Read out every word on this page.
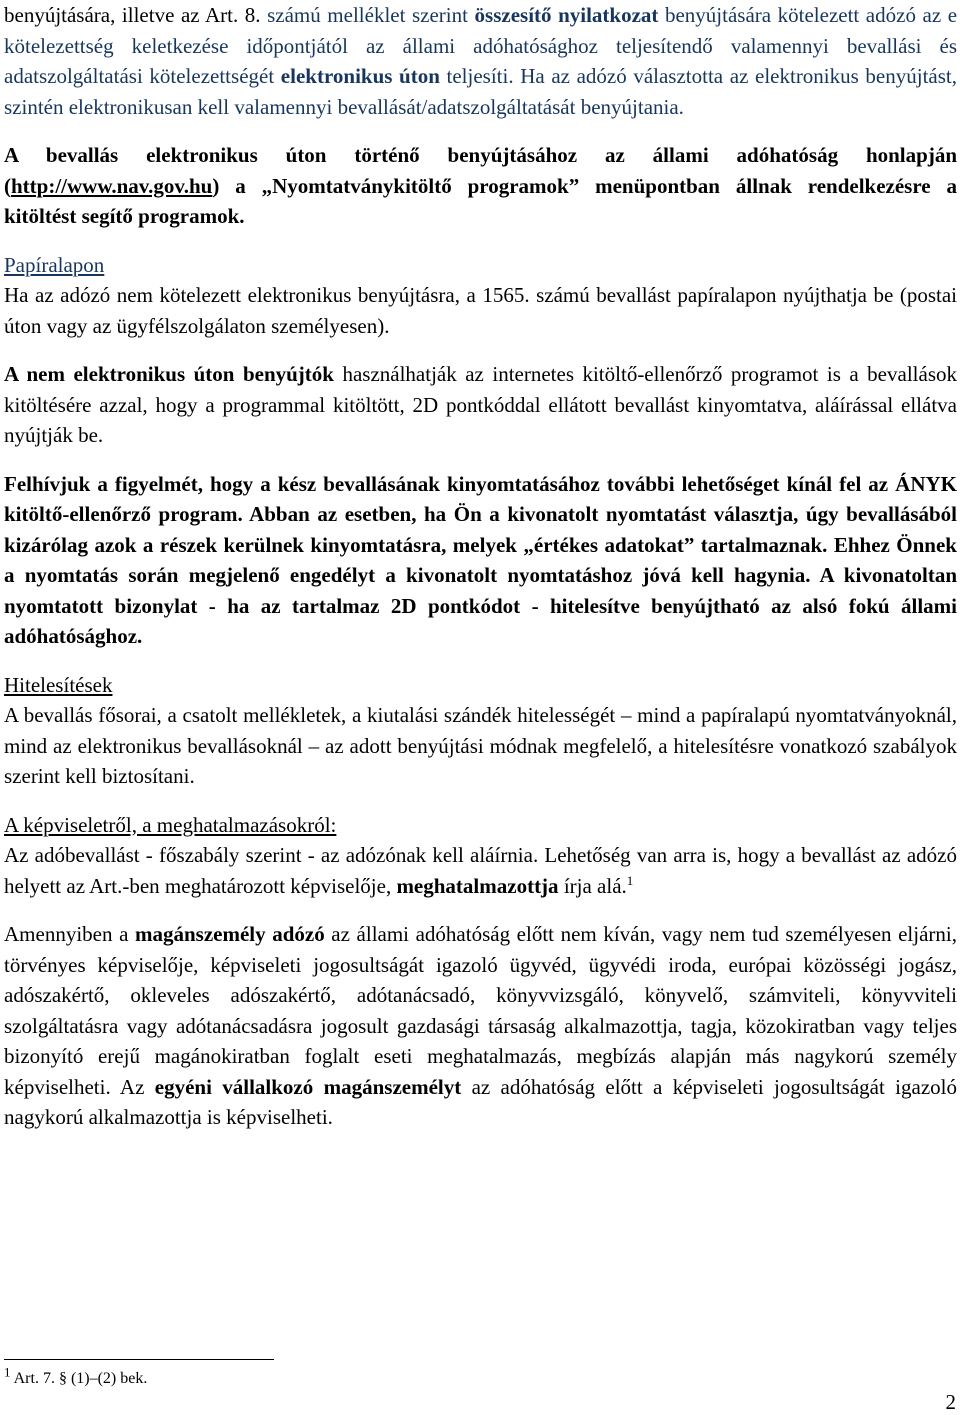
benyújtására, illetve az Art. 8. számú melléklet szerint összesítő nyilatkozat benyújtására kötelezett adózó az e kötelezettség keletkezése időpontjától az állami adóhatósághoz teljesítendő valamennyi bevallási és adatszolgáltatási kötelezettségét elektronikus úton teljesíti. Ha az adózó választotta az elektronikus benyújtást, szintén elektronikusan kell valamennyi bevallását/adatszolgáltatását benyújtania.

A bevallás elektronikus úton történő benyújtásához az állami adóhatóság honlapján (http://www.nav.gov.hu) a „Nyomtatványkitöltő programok” menüpontban állnak rendelkezésre a kitöltést segítő programok.

Papíralapon
Ha az adózó nem kötelezett elektronikus benyújtásra, a 1565. számú bevallást papíralapon nyújthatja be (postai úton vagy az ügyfélszolgálaton személyesen).

A nem elektronikus úton benyújtók használhatják az internetes kitöltő-ellenőrző programot is a bevallások kitöltésére azzal, hogy a programmal kitöltött, 2D pontkóddal ellátott bevallást kinyomtatva, aláírással ellátva nyújtják be.

Felhívjuk a figyelmét, hogy a kész bevallásának kinyomtatásához további lehetőséget kínál fel az ÁNYK kitöltő-ellenőrző program. Abban az esetben, ha Ön a kivonatolt nyomtatást választja, úgy bevallásából kizárólag azok a részek kerülnek kinyomtatásra, melyek „értékes adatokat” tartalmaznak. Ehhez Önnek a nyomtatás során megjelenő engedélyt a kivonatolt nyomtatáshoz jóvá kell hagynia. A kivonatoltan nyomtatott bizonylat - ha az tartalmaz 2D pontkódot - hitelesítve benyújtható az alsó fokú állami adóhatósághoz.

Hitelesítések
A bevallás fősorai, a csatolt mellékletek, a kiutalási szándék hitelességét – mind a papíralapú nyomtatványoknál, mind az elektronikus bevallásoknál – az adott benyújtási módnak megfelelő, a hitelesítésre vonatkozó szabályok szerint kell biztosítani.

A képviseletről, a meghatalmazásokról:
Az adóbevallást - főszabály szerint - az adózónak kell aláírnia. Lehetőség van arra is, hogy a bevallást az adózó helyett az Art.-ben meghatározott képviselője, meghatalmazottja írja alá.$^1$

Amennyiben a magánszemély adózó az állami adóhatóság előtt nem kíván, vagy nem tud személyesen eljárni, törvényes képviselője, képviseleti jogosultságát igazoló ügyvéd, ügyvédi iroda, európai közösségi jogász, adószakértő, okleveles adószakértő, adótanácsadó, könyvvizsgáló, könyvelő, számviteli, könyvviteli szolgáltatásra vagy adótanácsadásra jogosult gazdasági társaság alkalmazottja, tagja, közokiratban vagy teljes bizonyító erejű magánokiratban foglalt eseti meghatalmazás, megbízás alapján más nagykorú személy képviselheti. Az egyéni vállalkozó magánszemélyt az adóhatóság előtt a képviseleti jogosultságát igazoló nagykorú alkalmazottja is képviselheti.

$^1$ Art. 7. § (1)–(2) bek.
2
